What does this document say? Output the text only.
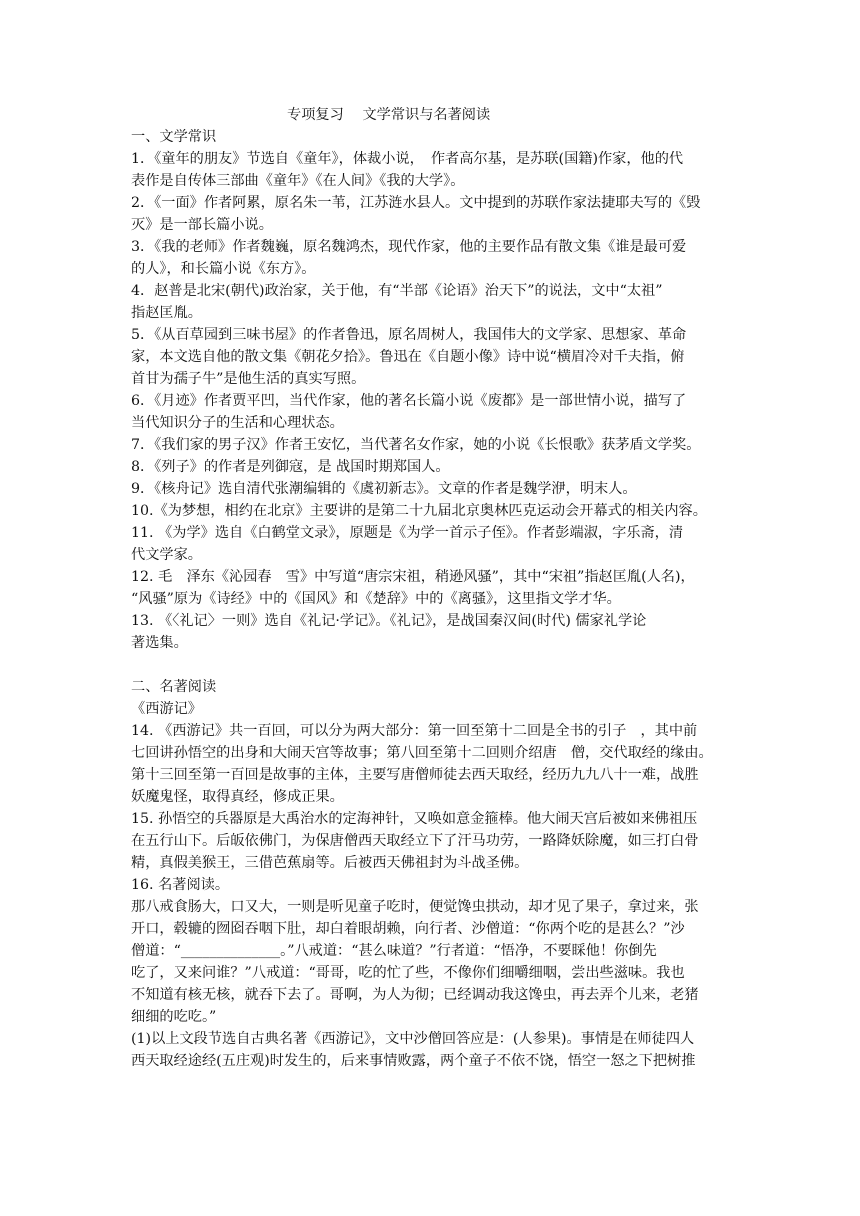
专项复习　 文学常识与名著阅读
一、文学常识
1．《童年的朋友》节选自《童年》，体裁小说，　作者高尔基，是苏联(国籍)作家，他的代
表作是自传体三部曲《童年》《在人间》《我的大学》。
2．《一面》作者阿累，原名朱一苇，江苏涟水县人。文中提到的苏联作家法捷耶夫写的《毁
灭》是一部长篇小说。
3．《我的老师》作者魏巍，原名魏鸿杰，现代作家，他的主要作品有散文集《谁是最可爱
的人》，和长篇小说《东方》。
4．赵普是北宋(朝代)政治家，关于他，有“半部《论语》治天下”的说法，文中“太祖”
指赵匡胤。
5．《从百草园到三味书屋》的作者鲁迅，原名周树人，我国伟大的文学家、思想家、革命
家，本文选自他的散文集《朝花夕拾》。鲁迅在《自题小像》诗中说“横眉冷对千夫指，俯
首甘为孺子牛”是他生活的真实写照。
6．《月迹》作者贾平凹，当代作家，他的著名长篇小说《废都》是一部世情小说，描写了
当代知识分子的生活和心理状态。
7．《我们家的男子汉》作者王安忆，当代著名女作家，她的小说《长恨歌》获茅盾文学奖。
8．《列子》的作者是列御寇，是 战国时期郑国人。
9．《核舟记》选自清代张潮编辑的《虞初新志》。文章的作者是魏学洢，明末人。
10.《为梦想，相约在北京》主要讲的是第二十九届北京奥林匹克运动会开幕式的相关内容。
11. 《为学》选自《白鹤堂文录》，原题是《为学一首示子侄》。作者彭端淑，字乐斋，清
代文学家。
12. 毛　泽东《沁园春　雪》中写道“唐宗宋祖，稍逊风骚”，其中“宋祖”指赵匡胤(人名)，
“风骚”原为《诗经》中的《国风》和《楚辞》中的《离骚》，这里指文学才华。
13. 《〈礼记〉一则》选自《礼记·学记》。《礼记》，是战国秦汉间(时代) 儒家礼学论
著选集。
二、名著阅读
《西游记》
14. 《西游记》共一百回，可以分为两大部分：第一回至第十二回是全书的引子　，其中前
七回讲孙悟空的出身和大闹天宫等故事；第八回至第十二回则介绍唐　僧，交代取经的缘由。
第十三回至第一百回是故事的主体，主要写唐僧师徒去西天取经，经历九九八十一难，战胜
妖魔鬼怪，取得真经，修成正果。
15. 孙悟空的兵器原是大禹治水的定海神针，又唤如意金箍棒。他大闹天宫后被如来佛祖压
在五行山下。后皈依佛门，为保唐僧西天取经立下了汗马功劳，一路降妖除魔，如三打白骨
精，真假美猴王，三借芭蕉扇等。后被西天佛祖封为斗战圣佛。
16. 名著阅读。
那八戒食肠大，口又大，一则是听见童子吃时，便觉馋虫拱动，却才见了果子，拿过来，张
开口，毂辘的囫囵吞咽下肚，却白着眼胡赖，向行者、沙僧道：“你两个吃的是甚么？”沙
僧道：“______________。”八戒道：“甚么味道？”行者道：“悟净，不要睬他！你倒先
吃了，又来问谁？”八戒道：“哥哥，吃的忙了些，不像你们细嚼细咽，尝出些滋味。我也
不知道有核无核，就吞下去了。哥啊，为人为彻；已经调动我这馋虫，再去弄个儿来，老猪
细细的吃吃。”
(1)以上文段节选自古典名著《西游记》，文中沙僧回答应是：(人参果)。事情是在师徒四人
西天取经途经(五庄观)时发生的，后来事情败露，两个童子不依不饶，悟空一怒之下把树推
